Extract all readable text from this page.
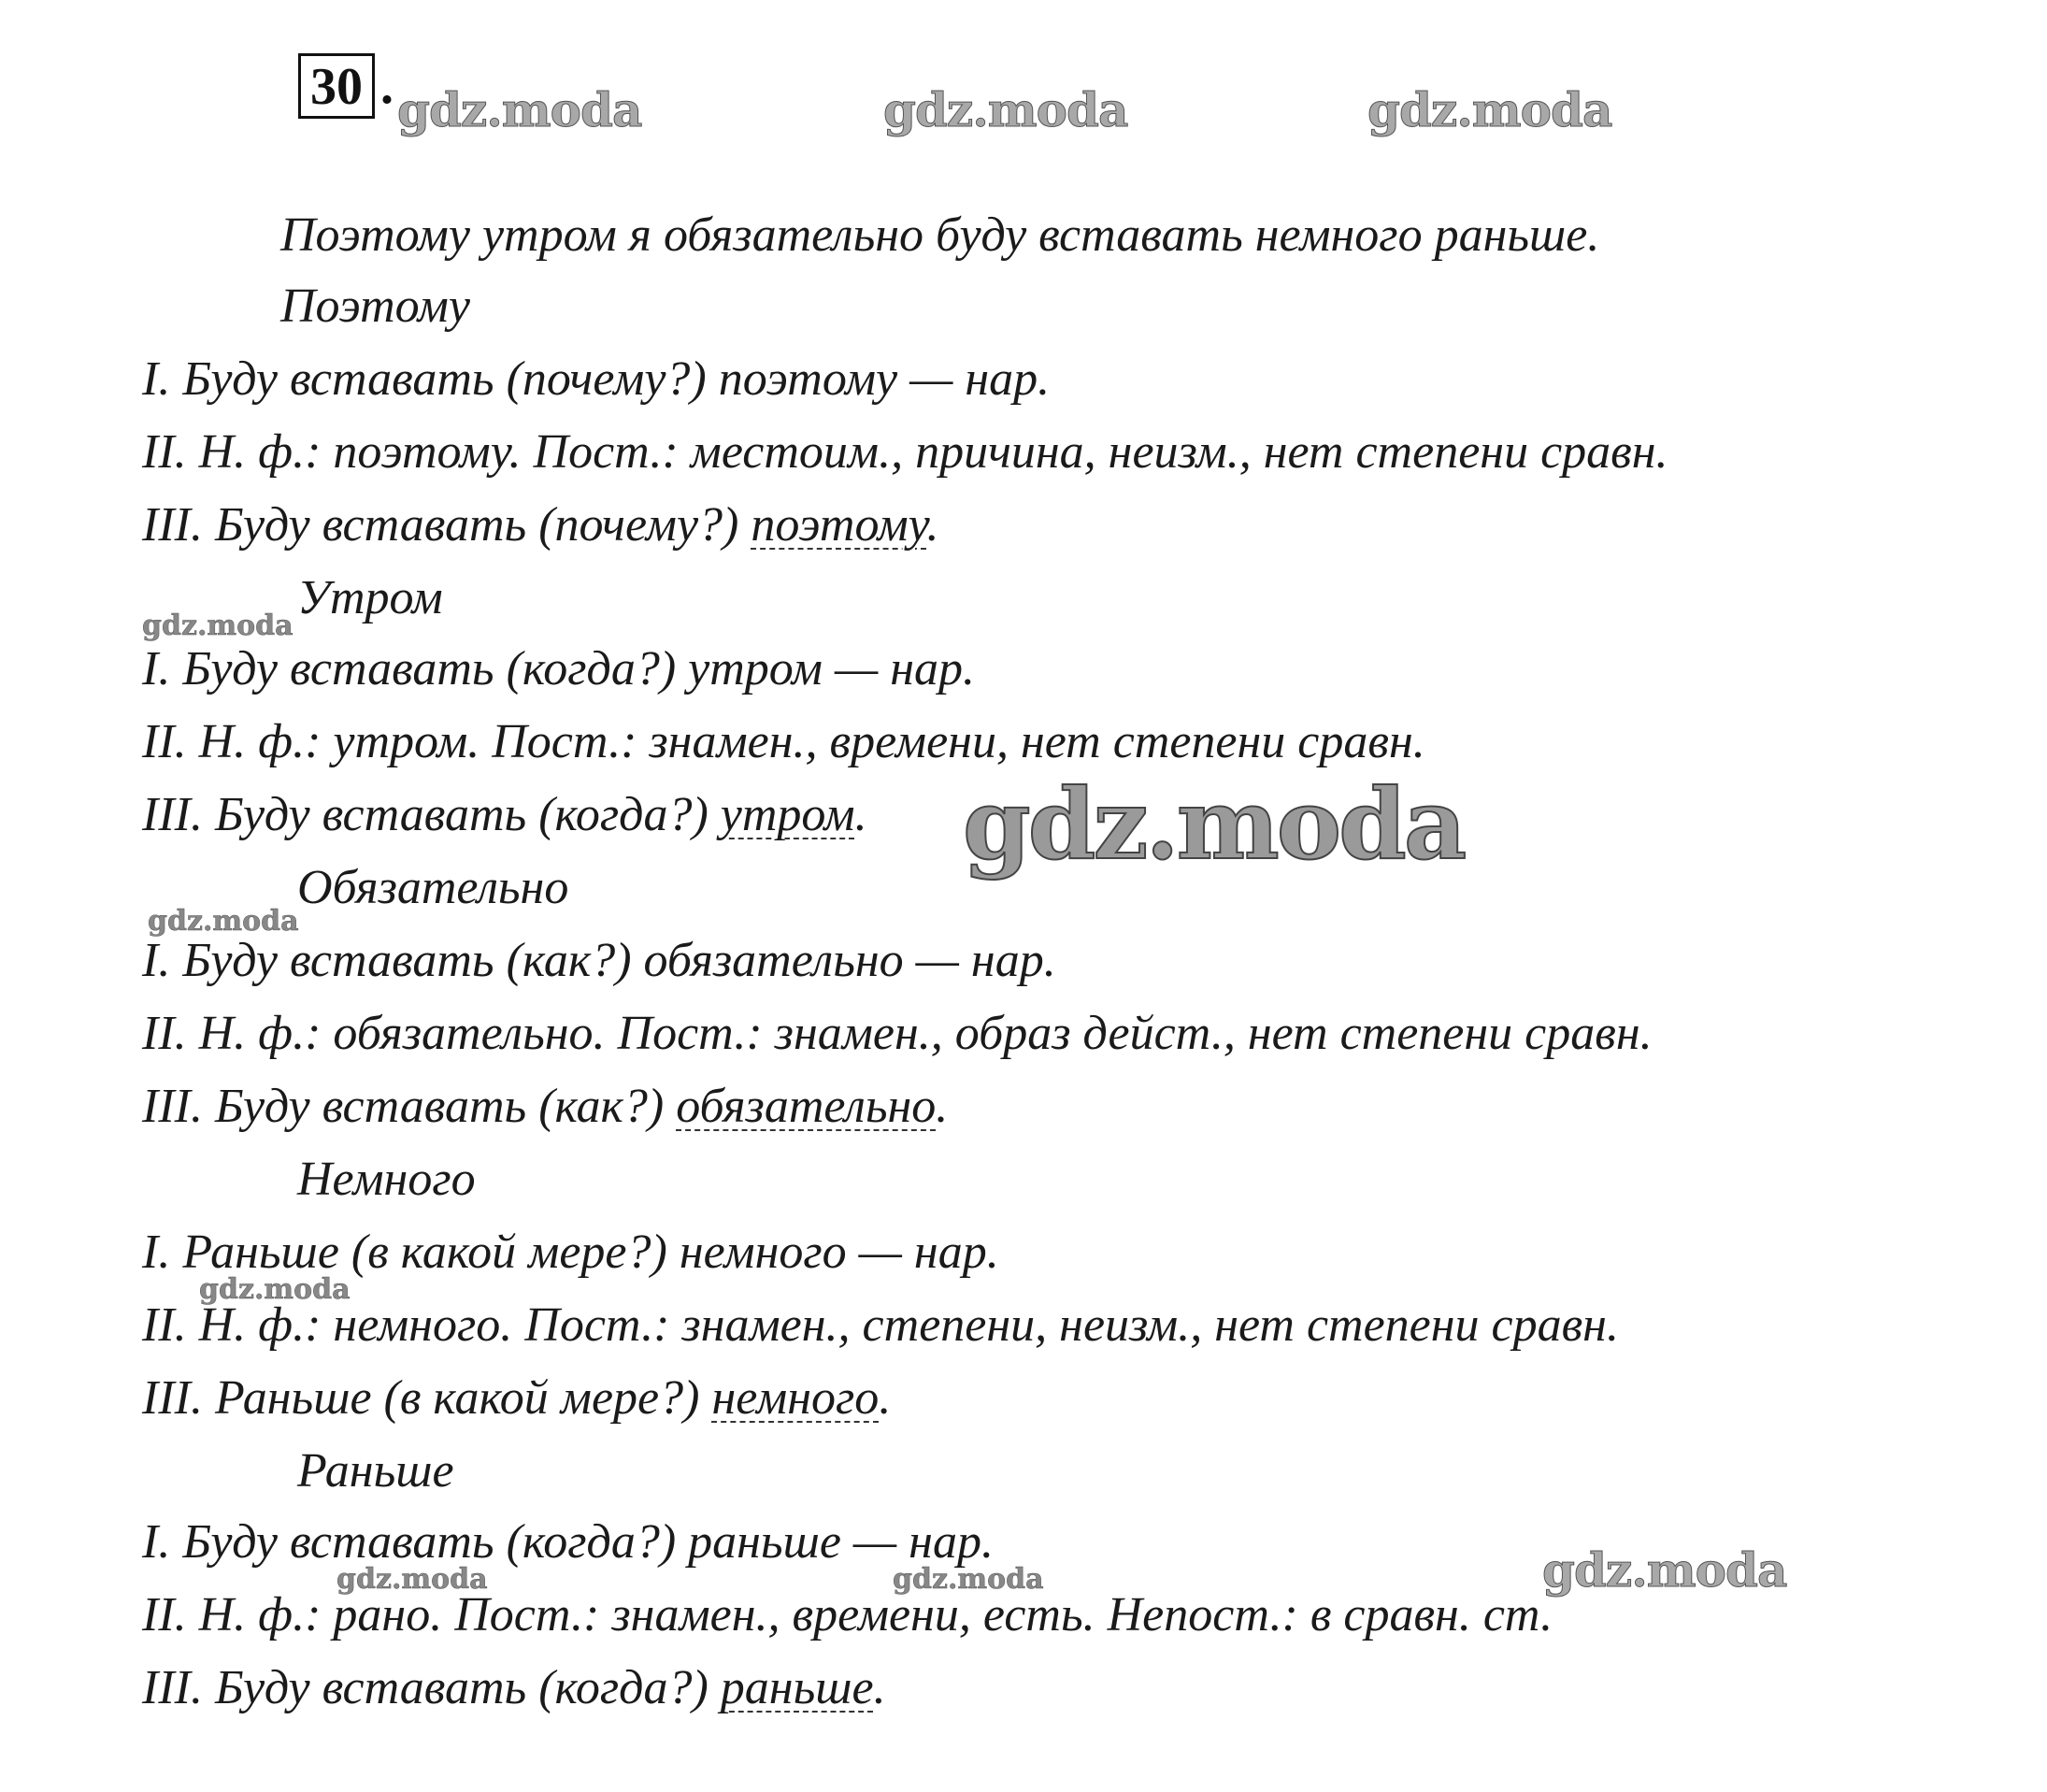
30 . gdz.moda	gdz.moda	gdz.moda
Поэтому утром я обязательно буду вставать немного раньше.
Поэтому
I. Буду вставать (почему?) поэтому — нар.
II. Н. ф.: поэтому. Пост.: местоим., причина, неизм., нет степени сравн.
III. Буду вставать (почему?) поэтому.
gdz.moda
Утром
I. Буду вставать (когда?) утром — нар.
II. Н. ф.: утром. Пост.: знамен., времени, нет степени сравн.
III. Буду вставать (когда?) утром. gdz.moda
gdz.moda
Обязательно
I. Буду вставать (как?) обязательно — нар.
II. Н. ф.: обязательно. Пост.: знамен., образ дейст., нет степени сравн.
III. Буду вставать (как?) обязательно.
Немного
I. Раньше (в какой мере?) немного — нар.
gdz.moda
II. Н. ф.: немного. Пост.: знамен., степени, неизм., нет степени сравн.
III. Раньше (в какой мере?) немного.
Раньше
I. Буду вставать (когда?) раньше — нар.
gdz.moda	gdz.moda	gdz.moda
II. Н. ф.: рано. Пост.: знамен., времени, есть. Непост.: в сравн. ст.
III. Буду вставать (когда?) раньше.
